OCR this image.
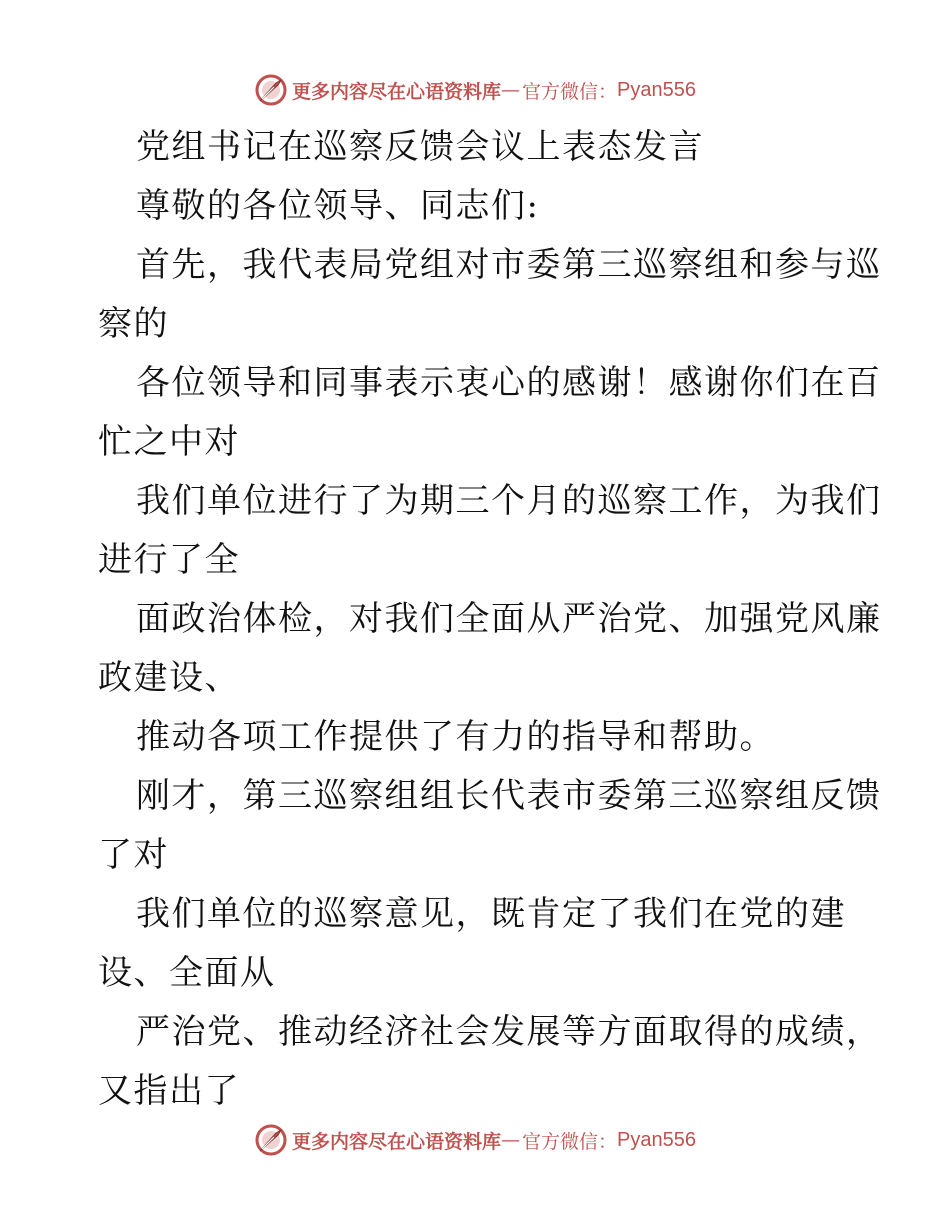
更多内容尽在心语资料库 — 官方微信： Pyan556
党组书记在巡察反馈会议上表态发言
尊敬的各位领导、同志们:
首先，我代表局党组对市委第三巡察组和参与巡
察的
各位领导和同事表示衷心的感谢！感谢你们在百
忙之中对
我们单位进行了为期三个月的巡察工作，为我们
进行了全
面政治体检，对我们全面从严治党、加强党风廉
政建设、
推动各项工作提供了有力的指导和帮助。
刚才，第三巡察组组长代表市委第三巡察组反馈
了对
我们单位的巡察意见，既肯定了我们在党的建
设、全面从
严治党、推动经济社会发展等方面取得的成绩，
又指出了
更多内容尽在心语资料库 — 官方微信： Pyan556
